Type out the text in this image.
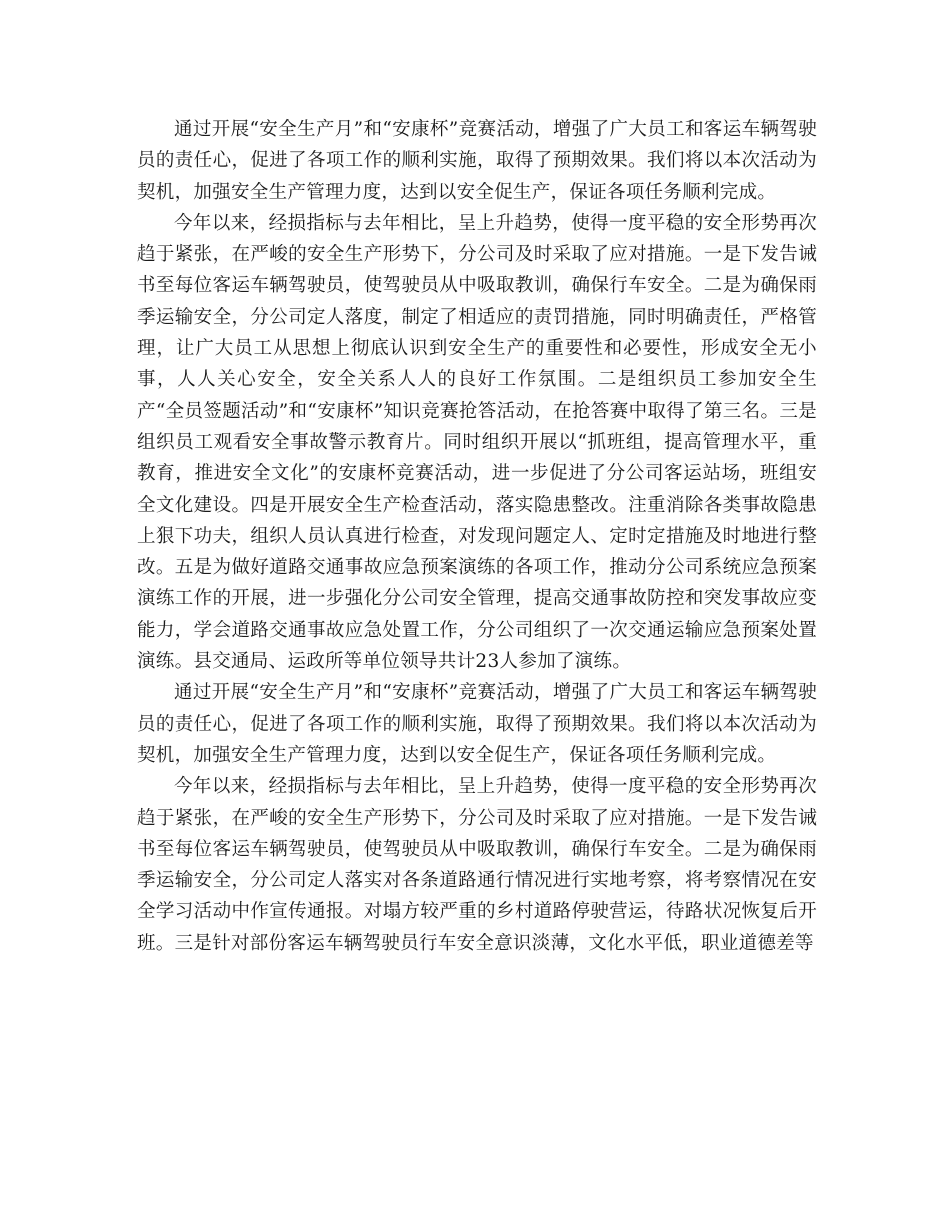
通过开展“安全生产月”和“安康杯”竞赛活动，增强了广大员工和客运车辆驾驶员的责任心，促进了各项工作的顺利实施，取得了预期效果。我们将以本次活动为契机，加强安全生产管理力度，达到以安全促生产，保证各项任务顺利完成。

今年以来，经损指标与去年相比，呈上升趋势，使得一度平稳的安全形势再次趋于紧张，在严峻的安全生产形势下，分公司及时采取了应对措施。一是下发告诫书至每位客运车辆驾驶员，使驾驶员从中吸取教训，确保行车安全。二是为确保雨季运输安全，分公司定人落度，制定了相适应的责罚措施，同时明确责任，严格管理，让广大员工从思想上彻底认识到安全生产的重要性和必要性，形成安全无小事，人人关心安全，安全关系人人的良好工作氛围。二是组织员工参加安全生产“全员签题活动”和“安康杯”知识竞赛抢答活动，在抢答赛中取得了第三名。三是组织员工观看安全事故警示教育片。同时组织开展以“抓班组，提高管理水平，重教育，推进安全文化”的安康杯竞赛活动，进一步促进了分公司客运站场，班组安全文化建设。四是开展安全生产检查活动，落实隐患整改。注重消除各类事故隐患上狠下功夫，组织人员认真进行检查，对发现问题定人、定时定措施及时地进行整改。五是为做好道路交通事故应急预案演练的各项工作，推动分公司系统应急预案演练工作的开展，进一步强化分公司安全管理，提高交通事故防控和突发事故应变能力，学会道路交通事故应急处置工作，分公司组织了一次交通运输应急预案处置演练。县交通局、运政所等单位领导共计23人参加了演练。

通过开展“安全生产月”和“安康杯”竞赛活动，增强了广大员工和客运车辆驾驶员的责任心，促进了各项工作的顺利实施，取得了预期效果。我们将以本次活动为契机，加强安全生产管理力度，达到以安全促生产，保证各项任务顺利完成。

今年以来，经损指标与去年相比，呈上升趋势，使得一度平稳的安全形势再次趋于紧张，在严峻的安全生产形势下，分公司及时采取了应对措施。一是下发告诫书至每位客运车辆驾驶员，使驾驶员从中吸取教训，确保行车安全。二是为确保雨季运输安全，分公司定人落实对各条道路通行情况进行实地考察，将考察情况在安全学习活动中作宣传通报。对塌方较严重的乡村道路停驶营运，待路状况恢复后开班。三是针对部份客运车辆驾驶员行车安全意识淡薄，文化水平低，职业道德差等
